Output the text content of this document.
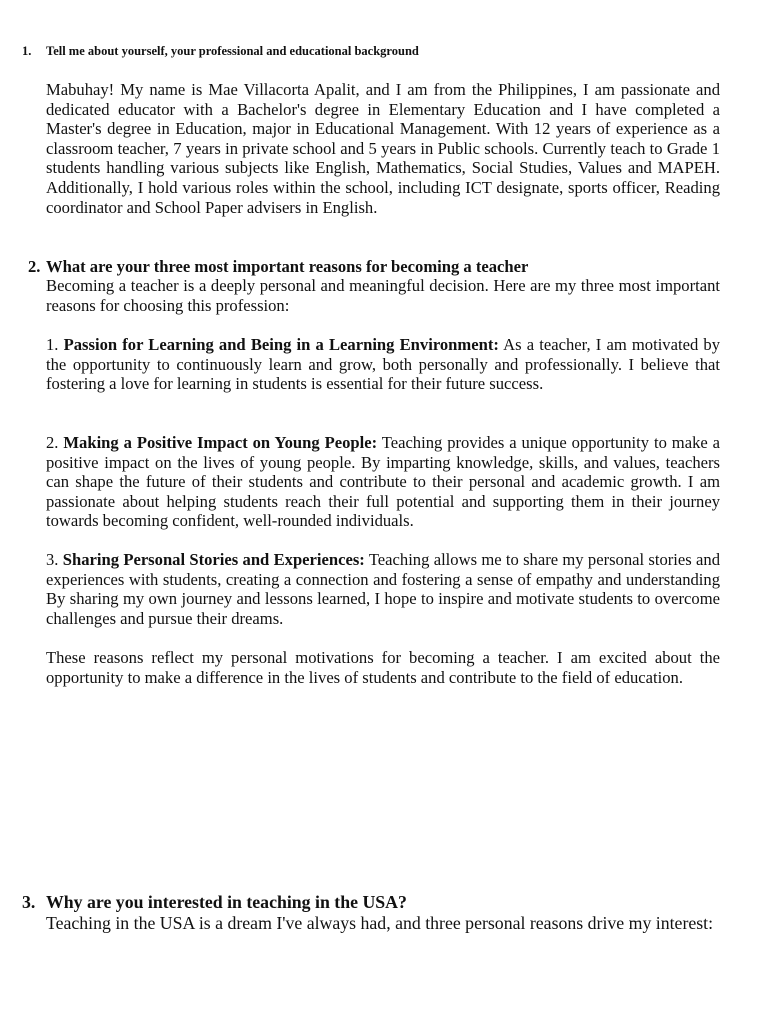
1. Tell me about yourself, your professional and educational background

Mabuhay! My name is Mae Villacorta Apalit, and I am from the Philippines, I am passionate and dedicated educator with a Bachelor's degree in Elementary Education and I have completed a Master's degree in Education, major in Educational Management. With 12 years of experience as a classroom teacher, 7 years in private school and 5 years in Public schools. Currently teach to Grade 1 students handling various subjects like English, Mathematics, Social Studies, Values and MAPEH. Additionally, I hold various roles within the school, including ICT designate, sports officer, Reading coordinator and School Paper advisers in English.

2. What are your three most important reasons for becoming a teacher

Becoming a teacher is a deeply personal and meaningful decision. Here are my three most important reasons for choosing this profession:

1. Passion for Learning and Being in a Learning Environment: As a teacher, I am motivated by the opportunity to continuously learn and grow, both personally and professionally. I believe that fostering a love for learning in students is essential for their future success.

2. Making a Positive Impact on Young People: Teaching provides a unique opportunity to make a positive impact on the lives of young people. By imparting knowledge, skills, and values, teachers can shape the future of their students and contribute to their personal and academic growth. I am passionate about helping students reach their full potential and supporting them in their journey towards becoming confident, well-rounded individuals.

3. Sharing Personal Stories and Experiences: Teaching allows me to share my personal stories and experiences with students, creating a connection and fostering a sense of empathy and understanding By sharing my own journey and lessons learned, I hope to inspire and motivate students to overcome challenges and pursue their dreams.

These reasons reflect my personal motivations for becoming a teacher. I am excited about the opportunity to make a difference in the lives of students and contribute to the field of education.

3. Why are you interested in teaching in the USA?

Teaching in the USA is a dream I've always had, and three personal reasons drive my interest:
